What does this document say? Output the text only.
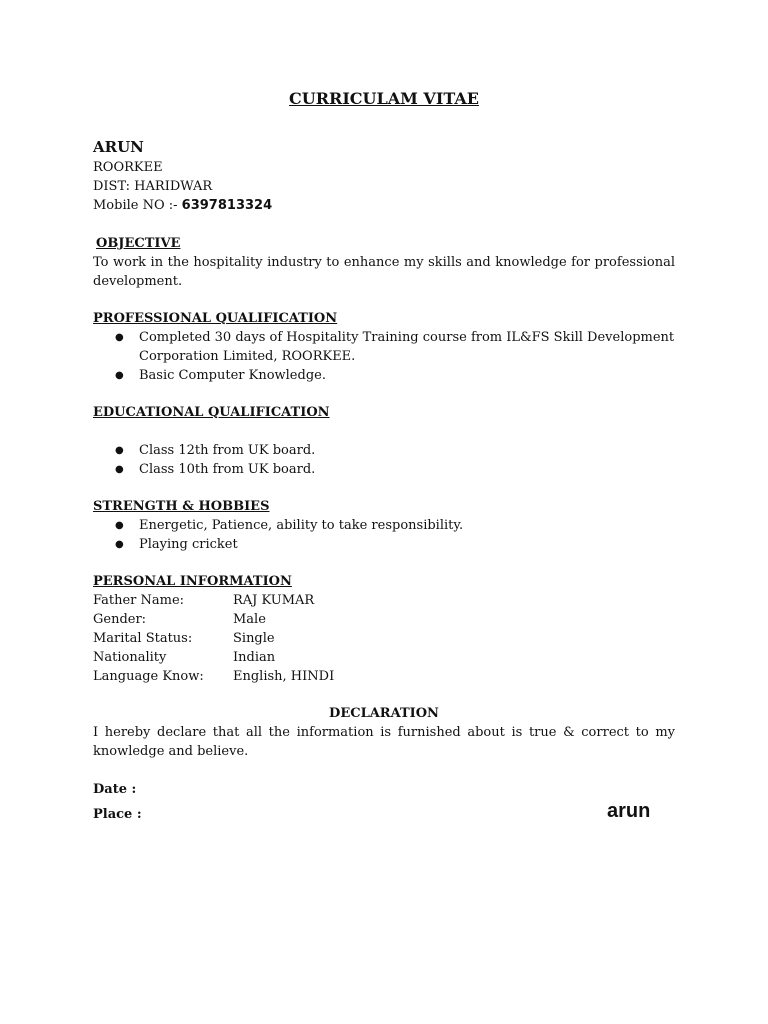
CURRICULAM VITAE
ARUN
ROORKEE
DIST: HARIDWAR
Mobile NO :- 6397813324
OBJECTIVE
To work in the hospitality industry to enhance my skills and knowledge for professional development.
PROFESSIONAL QUALIFICATION
● Completed 30 days of Hospitality Training course from IL&FS Skill Development Corporation Limited, ROORKEE.
● Basic Computer Knowledge.
EDUCATIONAL QUALIFICATION
● Class 12th from UK board.
● Class 10th from UK board.
STRENGTH & HOBBIES
● Energetic, Patience, ability to take responsibility.
● Playing cricket
PERSONAL INFORMATION
Father Name:	RAJ KUMAR
Gender:	Male
Marital Status:	Single
Nationality	Indian
Language Know: English, HINDI
DECLARATION
I hereby declare that all the information is furnished about is true & correct to my knowledge and believe.
Date :
Place :	arun
